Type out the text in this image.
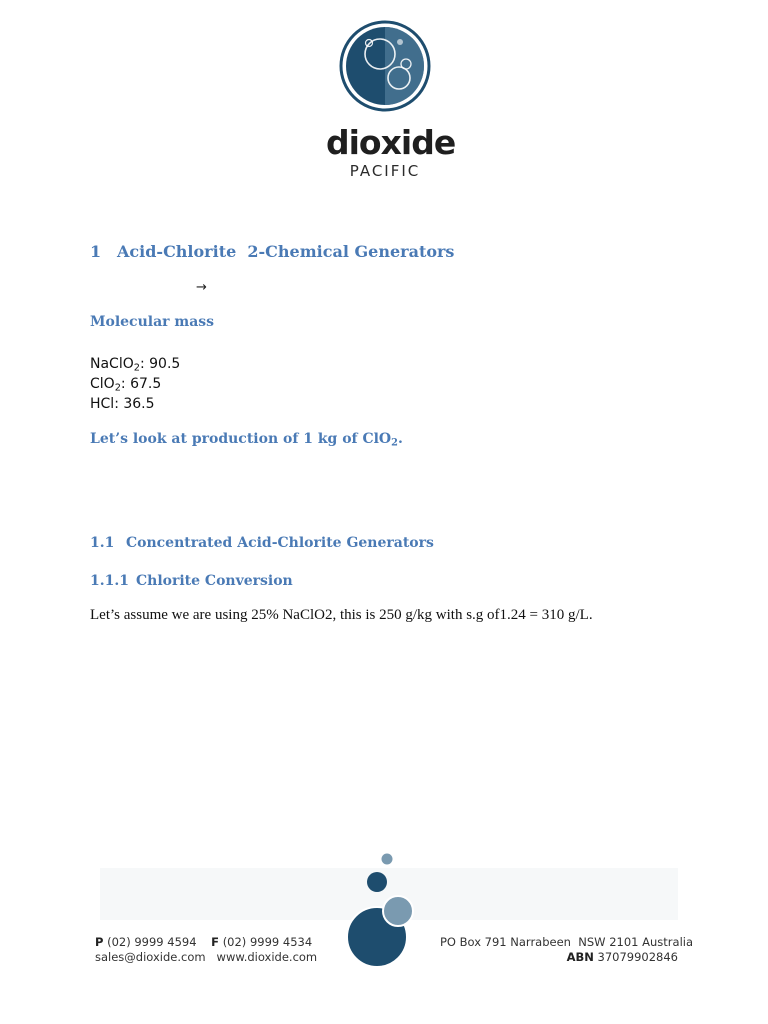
dioxide
PACIFIC
1 Acid-Chlorite  2-Chemical Generators
→
Molecular mass
NaClO$_2$: 90.5
ClO$_2$: 67.5
HCl: 36.5
Let’s look at production of 1 kg of ClO$_2$.
1.1 Concentrated Acid-Chlorite Generators
1.1.1 Chlorite Conversion
Let’s assume we are using 25% NaClO2, this is 250 g/kg with s.g of1.24 = 310 g/L.
P (02) 9999 4594 F (02) 9999 4534
sales@dioxide.com www.dioxide.com
PO Box 791 Narrabeen  NSW 2101 Australia
ABN 37079902846
